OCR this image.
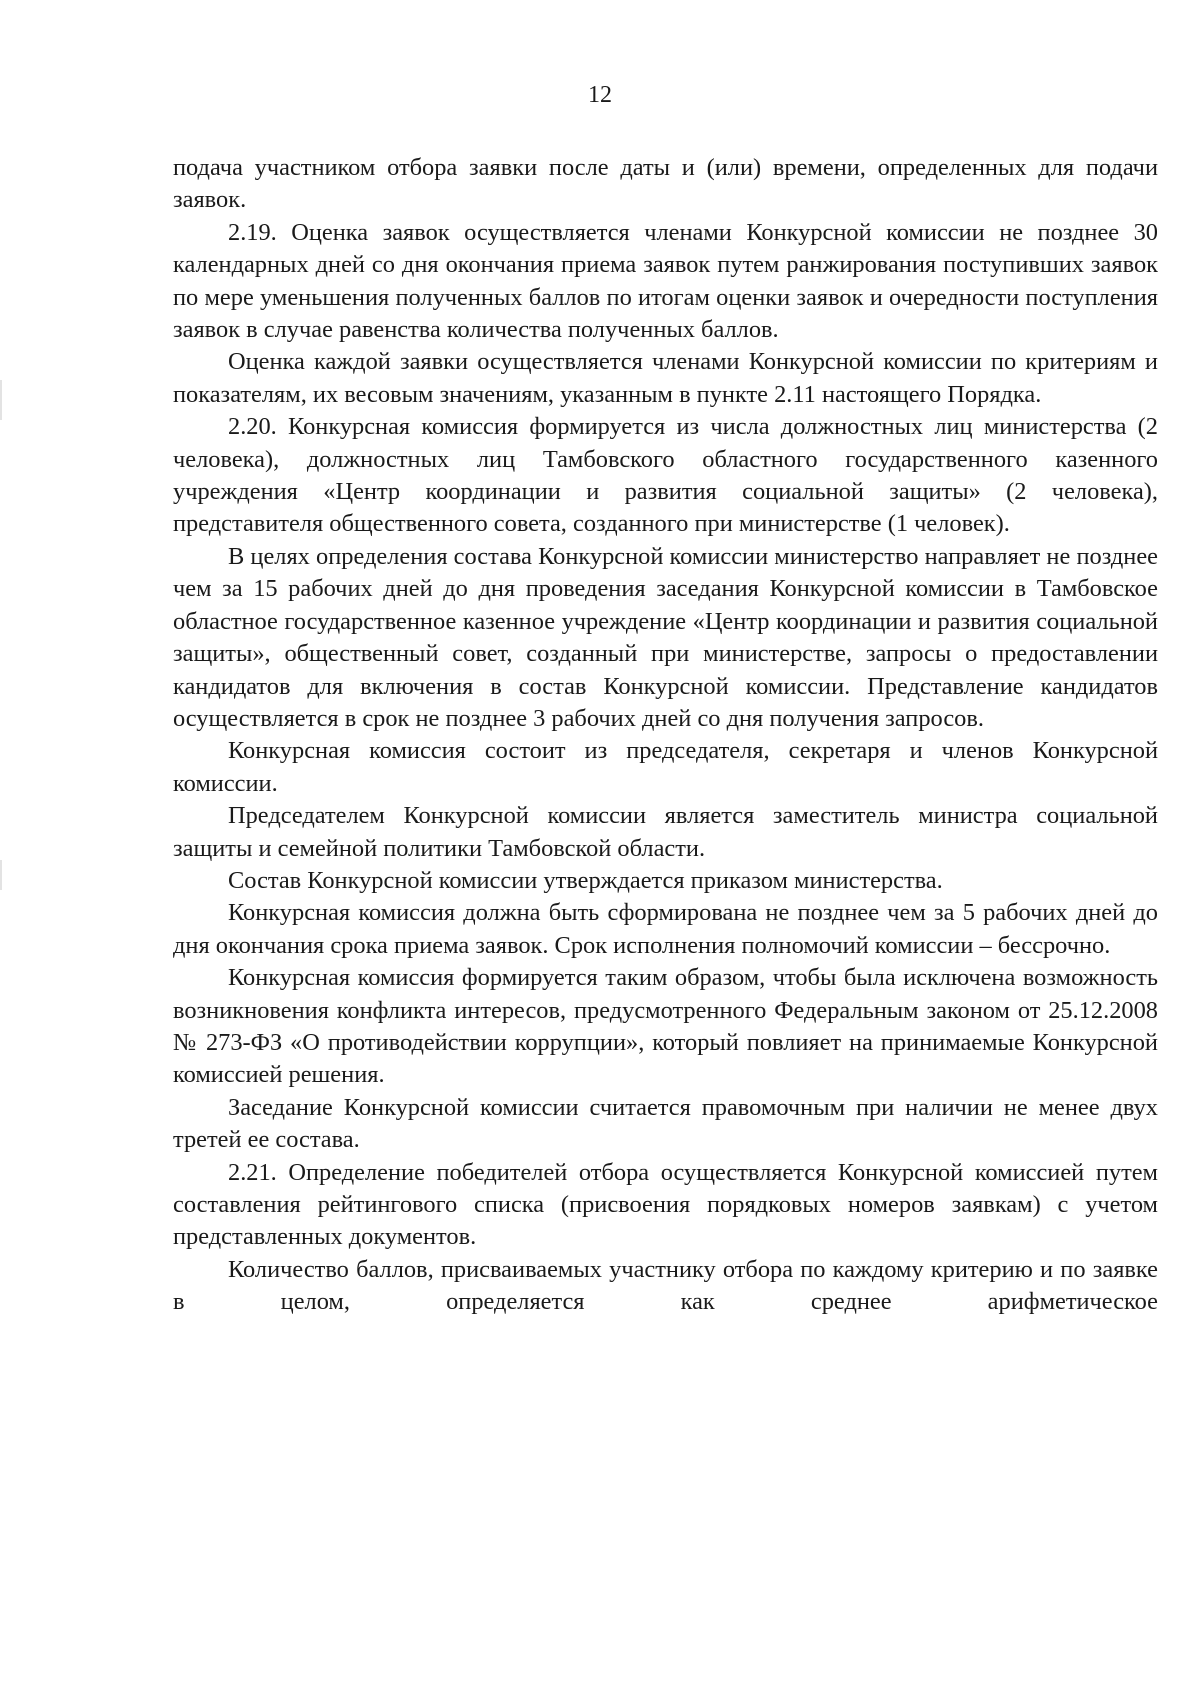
12

подача участником отбора заявки после даты и (или) времени, определенных для подачи заявок.

2.19. Оценка заявок осуществляется членами Конкурсной комиссии не позднее 30 календарных дней со дня окончания приема заявок путем ранжирования поступивших заявок по мере уменьшения полученных баллов по итогам оценки заявок и очередности поступления заявок в случае равенства количества полученных баллов.

Оценка каждой заявки осуществляется членами Конкурсной комиссии по критериям и показателям, их весовым значениям, указанным в пункте 2.11 настоящего Порядка.

2.20. Конкурсная комиссия формируется из числа должностных лиц министерства (2 человека), должностных лиц Тамбовского областного государственного казенного учреждения «Центр координации и развития социальной защиты» (2 человека), представителя общественного совета, созданного при министерстве (1 человек).

В целях определения состава Конкурсной комиссии министерство направляет не позднее чем за 15 рабочих дней до дня проведения заседания Конкурсной комиссии в Тамбовское областное государственное казенное учреждение «Центр координации и развития социальной защиты», общественный совет, созданный при министерстве, запросы о предоставлении кандидатов для включения в состав Конкурсной комиссии. Представление кандидатов осуществляется в срок не позднее 3 рабочих дней со дня получения запросов.

Конкурсная комиссия состоит из председателя, секретаря и членов Конкурсной комиссии.

Председателем Конкурсной комиссии является заместитель министра социальной защиты и семейной политики Тамбовской области.

Состав Конкурсной комиссии утверждается приказом министерства.

Конкурсная комиссия должна быть сформирована не позднее чем за 5 рабочих дней до дня окончания срока приема заявок. Срок исполнения полномочий комиссии – бессрочно.

Конкурсная комиссия формируется таким образом, чтобы была исключена возможность возникновения конфликта интересов, предусмотренного Федеральным законом от 25.12.2008 № 273-ФЗ «О противодействии коррупции», который повлияет на принимаемые Конкурсной комиссией решения.

Заседание Конкурсной комиссии считается правомочным при наличии не менее двух третей ее состава.

2.21. Определение победителей отбора осуществляется Конкурсной комиссией путем составления рейтингового списка (присвоения порядковых номеров заявкам) с учетом представленных документов.

Количество баллов, присваиваемых участнику отбора по каждому критерию и по заявке в целом, определяется как среднее арифметическое
